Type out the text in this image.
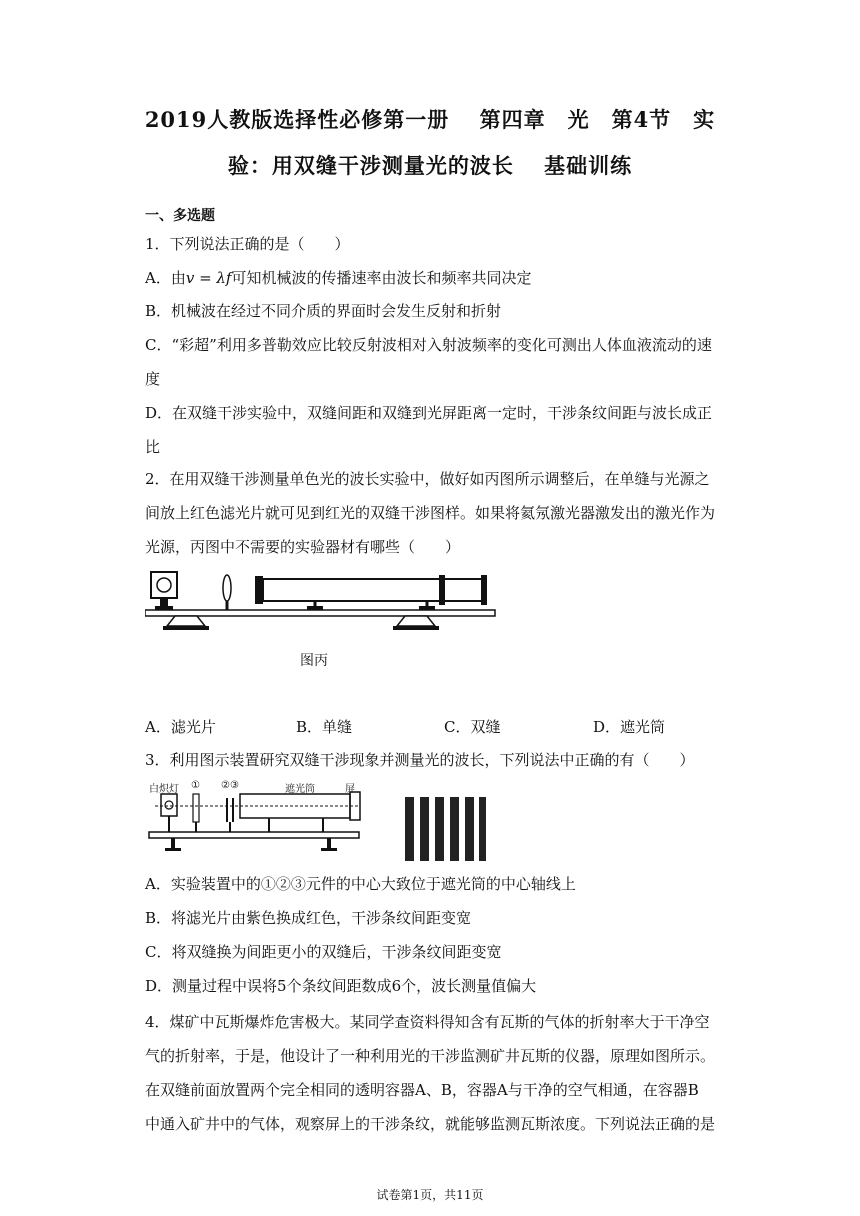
2019人教版选择性必修第一册　 第四章　光　第4节　实
验：用双缝干涉测量光的波长　 基础训练
一、多选题
1．下列说法正确的是（　　）
A．由v = λf可知机械波的传播速率由波长和频率共同决定
B．机械波在经过不同介质的界面时会发生反射和折射
C．“彩超”利用多普勒效应比较反射波相对入射波频率的变化可测出人体血液流动的速
度
D．在双缝干涉实验中，双缝间距和双缝到光屏距离一定时，干涉条纹间距与波长成正
比
2．在用双缝干涉测量单色光的波长实验中，做好如丙图所示调整后，在单缝与光源之
间放上红色滤光片就可见到红光的双缝干涉图样。如果将氦氖激光器激发出的激光作为
光源，丙图中不需要的实验器材有哪些（　　）
图丙
A．滤光片	B．单缝	C．双缝	D．遮光筒
3．利用图示装置研究双缝干涉现象并测量光的波长，下列说法中正确的有（　　）
白炽灯 ① ②③	遮光筒	屏
A．实验装置中的①②③元件的中心大致位于遮光筒的中心轴线上
B．将滤光片由紫色换成红色，干涉条纹间距变宽
C．将双缝换为间距更小的双缝后，干涉条纹间距变宽
D．测量过程中误将5个条纹间距数成6个，波长测量值偏大
4．煤矿中瓦斯爆炸危害极大。某同学查资料得知含有瓦斯的气体的折射率大于干净空
气的折射率，于是，他设计了一种利用光的干涉监测矿井瓦斯的仪器，原理如图所示。
在双缝前面放置两个完全相同的透明容器A、B，容器A与干净的空气相通，在容器B
中通入矿井中的气体，观察屏上的干涉条纹，就能够监测瓦斯浓度。下列说法正确的是
试卷第1页，共11页
